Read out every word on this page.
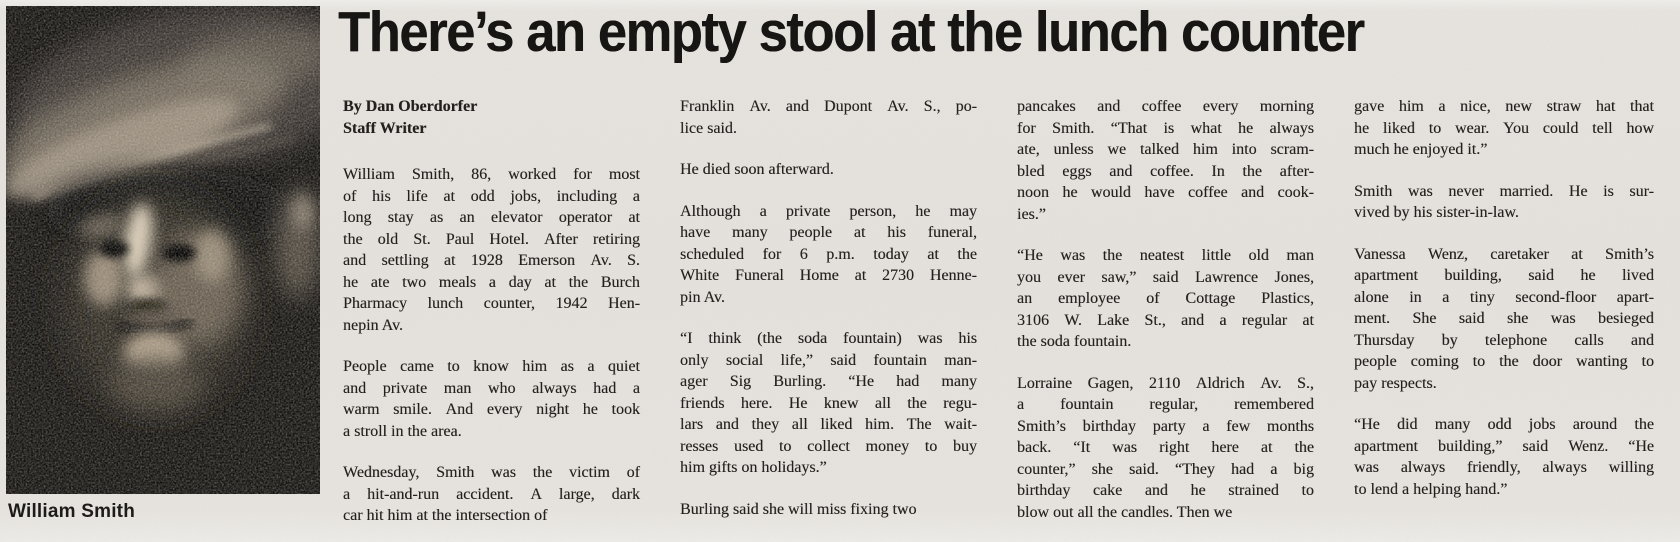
William Smith
There’s an empty stool at the lunch counter
By Dan Oberdorfer
Staff Writer
William Smith, 86, worked for most
of his life at odd jobs, including a
long stay as an elevator operator at
the old St. Paul Hotel. After retiring
and settling at 1928 Emerson Av. S.
he ate two meals a day at the Burch
Pharmacy lunch counter, 1942 Hen-
nepin Av.
People came to know him as a quiet
and private man who always had a
warm smile. And every night he took
a stroll in the area.
Wednesday, Smith was the victim of
a hit-and-run accident. A large, dark
car hit him at the intersection of
Franklin Av. and Dupont Av. S., po-
lice said.
He died soon afterward.
Although a private person, he may
have many people at his funeral,
scheduled for 6 p.m. today at the
White Funeral Home at 2730 Henne-
pin Av.
“I think (the soda fountain) was his
only social life,” said fountain man-
ager Sig Burling. “He had many
friends here. He knew all the regu-
lars and they all liked him. The wait-
resses used to collect money to buy
him gifts on holidays.”
Burling said she will miss fixing two
pancakes and coffee every morning
for Smith. “That is what he always
ate, unless we talked him into scram-
bled eggs and coffee. In the after-
noon he would have coffee and cook-
ies.”
“He was the neatest little old man
you ever saw,” said Lawrence Jones,
an employee of Cottage Plastics,
3106 W. Lake St., and a regular at
the soda fountain.
Lorraine Gagen, 2110 Aldrich Av. S.,
a fountain regular, remembered
Smith’s birthday party a few months
back. “It was right here at the
counter,” she said. “They had a big
birthday cake and he strained to
blow out all the candles. Then we
gave him a nice, new straw hat that
he liked to wear. You could tell how
much he enjoyed it.”
Smith was never married. He is sur-
vived by his sister-in-law.
Vanessa Wenz, caretaker at Smith’s
apartment building, said he lived
alone in a tiny second-floor apart-
ment. She said she was besieged
Thursday by telephone calls and
people coming to the door wanting to
pay respects.
“He did many odd jobs around the
apartment building,” said Wenz. “He
was always friendly, always willing
to lend a helping hand.”
